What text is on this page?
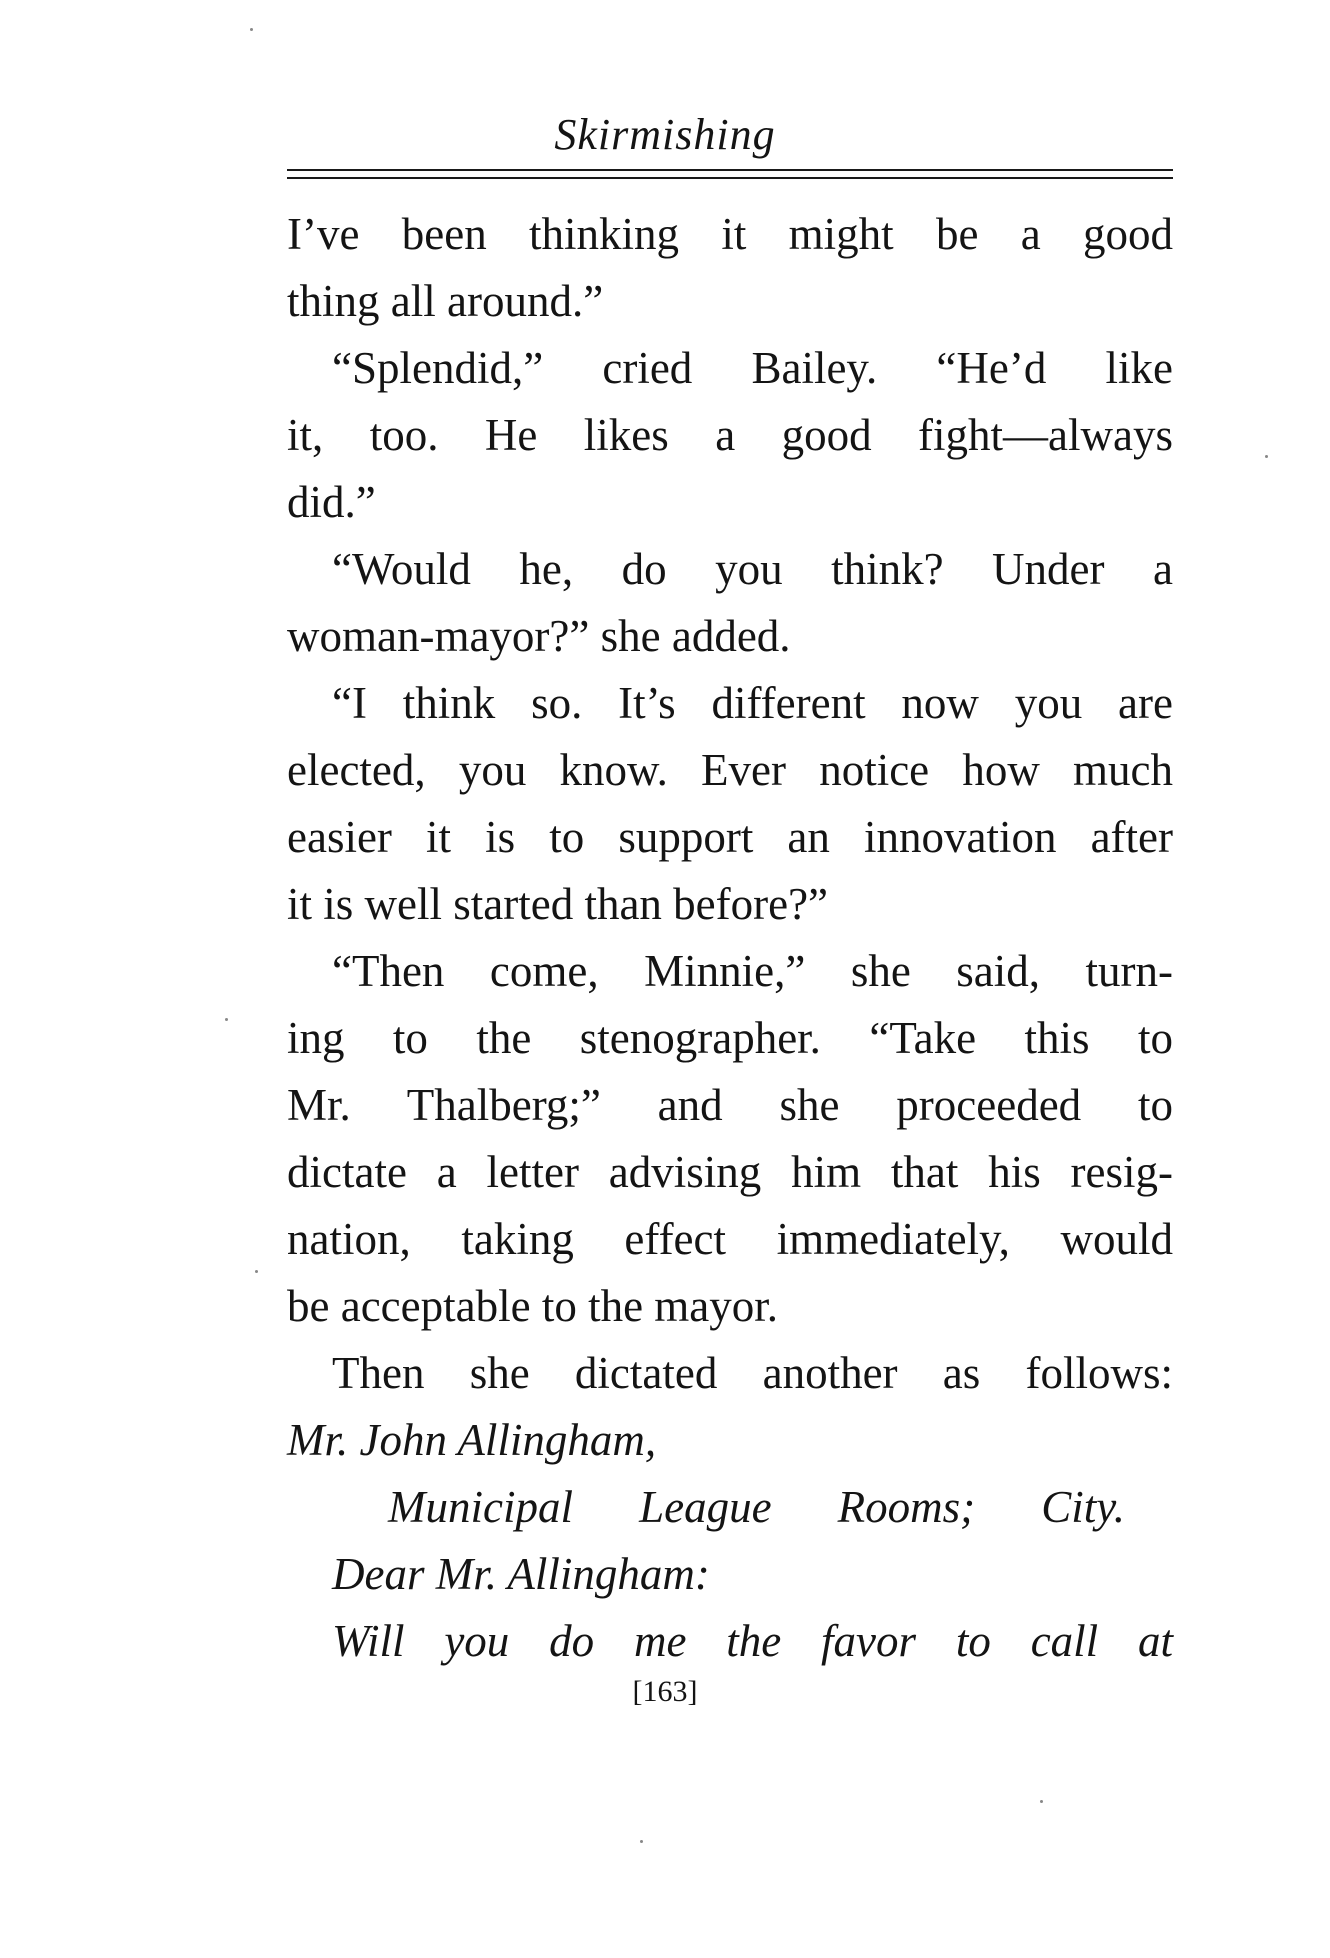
Skirmishing
I’ve been thinking it might be a good
thing all around.”
“Splendid,” cried Bailey. “He’d like
it, too. He likes a good fight—always
did.”
“Would he, do you think? Under a
woman-mayor?” she added.
“I think so. It’s different now you are
elected, you know. Ever notice how much
easier it is to support an innovation after
it is well started than before?”
“Then come, Minnie,” she said, turn-
ing to the stenographer. “Take this to
Mr. Thalberg;” and she proceeded to
dictate a letter advising him that his resig-
nation, taking effect immediately, would
be acceptable to the mayor.
Then she dictated another as follows:
Mr. John Allingham,
Municipal League Rooms; City.
Dear Mr. Allingham:
Will you do me the favor to call at
[163]
